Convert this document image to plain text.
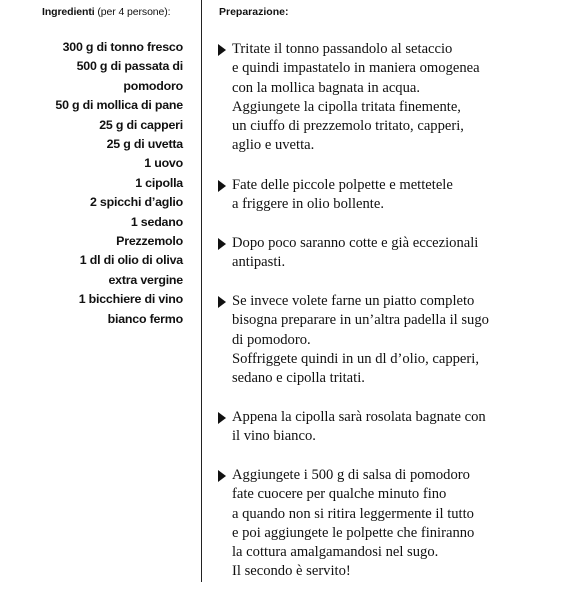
Ingredienti (per 4 persone):
300 g di tonno fresco
500 g di passata di
pomodoro
50 g di mollica di pane
25 g di capperi
25 g di uvetta
1 uovo
1 cipolla
2 spicchi d’aglio
1 sedano
Prezzemolo
1 dl di olio di oliva
extra vergine
1 bicchiere di vino
bianco fermo
Preparazione:
Tritate il tonno passandolo al setaccio
e quindi impastatelo in maniera omogenea
con la mollica bagnata in acqua.
Aggiungete la cipolla tritata finemente,
un ciuffo di prezzemolo tritato, capperi,
aglio e uvetta.
Fate delle piccole polpette e mettetele
a friggere in olio bollente.
Dopo poco saranno cotte e già eccezionali
antipasti.
Se invece volete farne un piatto completo
bisogna preparare in un’altra padella il sugo
di pomodoro.
Soffriggete quindi in un dl d’olio, capperi,
sedano e cipolla tritati.
Appena la cipolla sarà rosolata bagnate con
il vino bianco.
Aggiungete i 500 g di salsa di pomodoro
fate cuocere per qualche minuto fino
a quando non si ritira leggermente il tutto
e poi aggiungete le polpette che finiranno
la cottura amalgamandosi nel sugo.
Il secondo è servito!
